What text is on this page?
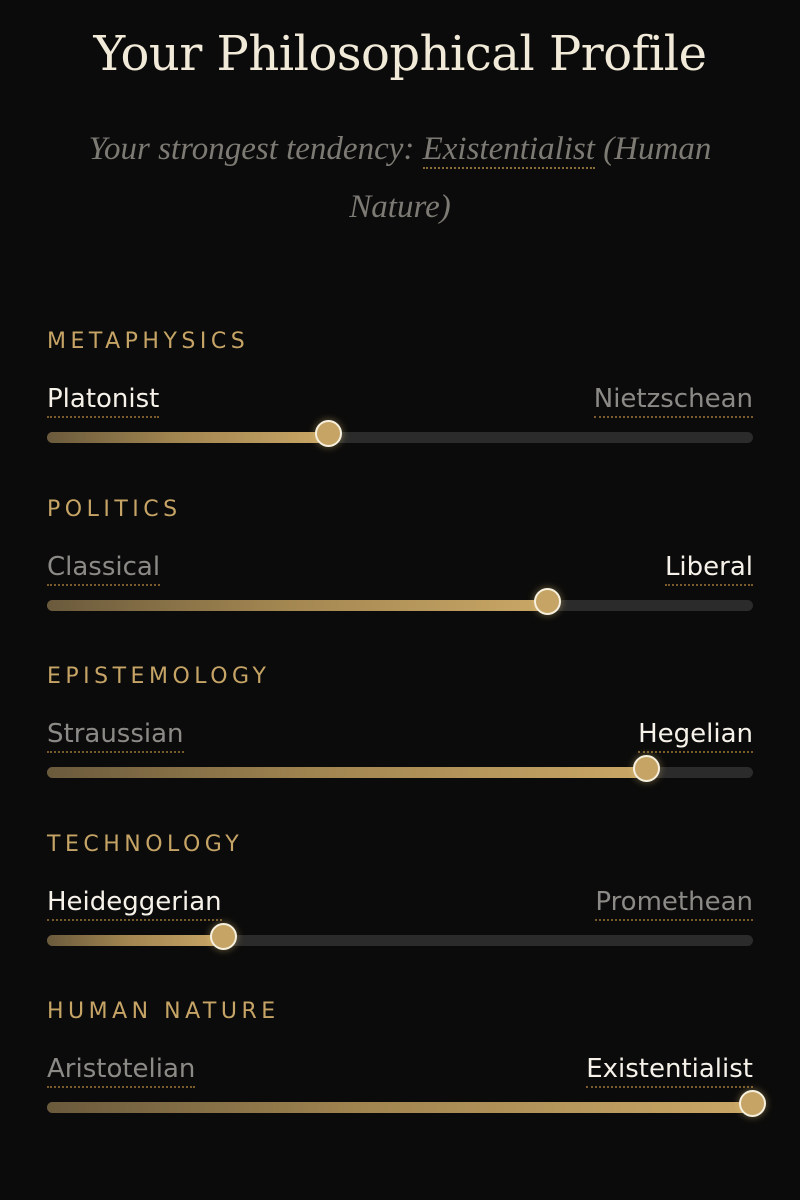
Your Philosophical Profile

Your strongest tendency: Existentialist (Human Nature)

METAPHYSICS
Platonist	Nietzschean
POLITICS
Classical	Liberal
EPISTEMOLOGY
Straussian	Hegelian
TECHNOLOGY
Heideggerian	Promethean
HUMAN NATURE
Aristotelian	Existentialist
